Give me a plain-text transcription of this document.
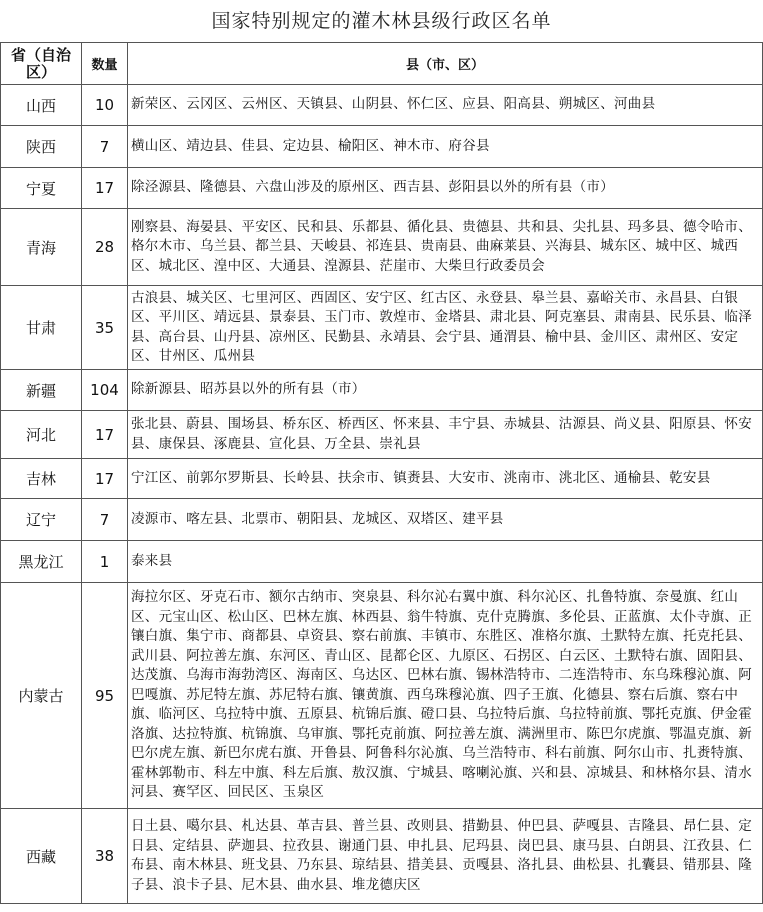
国家特别规定的灌木林县级行政区名单
省（自治区）	数量	县（市、区）
山西	10	新荣区、云冈区、云州区、天镇县、山阴县、怀仁区、应县、阳高县、朔城区、河曲县
陕西	7	横山区、靖边县、佳县、定边县、榆阳区、神木市、府谷县
宁夏	17	除泾源县、隆德县、六盘山涉及的原州区、西吉县、彭阳县以外的所有县（市）
青海	28	刚察县、海晏县、平安区、民和县、乐都县、循化县、贵德县、共和县、尖扎县、玛多县、德令哈市、格尔木市、乌兰县、都兰县、天峻县、祁连县、贵南县、曲麻莱县、兴海县、城东区、城中区、城西区、城北区、湟中区、大通县、湟源县、茫崖市、大柴旦行政委员会
甘肃	35	古浪县、城关区、七里河区、西固区、安宁区、红古区、永登县、皋兰县、嘉峪关市、永昌县、白银区、平川区、靖远县、景泰县、玉门市、敦煌市、金塔县、肃北县、阿克塞县、肃南县、民乐县、临泽县、高台县、山丹县、凉州区、民勤县、永靖县、会宁县、通渭县、榆中县、金川区、肃州区、安定区、甘州区、瓜州县
新疆	104	除新源县、昭苏县以外的所有县（市）
河北	17	张北县、蔚县、围场县、桥东区、桥西区、怀来县、丰宁县、赤城县、沽源县、尚义县、阳原县、怀安县、康保县、涿鹿县、宣化县、万全县、崇礼县
吉林	17	宁江区、前郭尔罗斯县、长岭县、扶余市、镇赉县、大安市、洮南市、洮北区、通榆县、乾安县
辽宁	7	凌源市、喀左县、北票市、朝阳县、龙城区、双塔区、建平县
黑龙江	1	泰来县
内蒙古	95	海拉尔区、牙克石市、额尔古纳市、突泉县、科尔沁右翼中旗、科尔沁区、扎鲁特旗、奈曼旗、红山区、元宝山区、松山区、巴林左旗、林西县、翁牛特旗、克什克腾旗、多伦县、正蓝旗、太仆寺旗、正镶白旗、集宁市、商都县、卓资县、察右前旗、丰镇市、东胜区、准格尔旗、土默特左旗、托克托县、武川县、阿拉善左旗、东河区、青山区、昆都仑区、九原区、石拐区、白云区、土默特右旗、固阳县、达茂旗、乌海市海勃湾区、海南区、乌达区、巴林右旗、锡林浩特市、二连浩特市、东乌珠穆沁旗、阿巴嘎旗、苏尼特左旗、苏尼特右旗、镶黄旗、西乌珠穆沁旗、四子王旗、化德县、察右后旗、察右中旗、临河区、乌拉特中旗、五原县、杭锦后旗、磴口县、乌拉特后旗、乌拉特前旗、鄂托克旗、伊金霍洛旗、达拉特旗、杭锦旗、乌审旗、鄂托克前旗、阿拉善左旗、满洲里市、陈巴尔虎旗、鄂温克旗、新巴尔虎左旗、新巴尔虎右旗、开鲁县、阿鲁科尔沁旗、乌兰浩特市、科右前旗、阿尔山市、扎赉特旗、霍林郭勒市、科左中旗、科左后旗、敖汉旗、宁城县、喀喇沁旗、兴和县、凉城县、和林格尔县、清水河县、赛罕区、回民区、玉泉区
西藏	38	日土县、噶尔县、札达县、革吉县、普兰县、改则县、措勤县、仲巴县、萨嘎县、吉隆县、昂仁县、定日县、定结县、萨迦县、拉孜县、谢通门县、申扎县、尼玛县、岗巴县、康马县、白朗县、江孜县、仁布县、南木林县、班戈县、乃东县、琼结县、措美县、贡嘎县、洛扎县、曲松县、扎囊县、错那县、隆子县、浪卡子县、尼木县、曲水县、堆龙德庆区
